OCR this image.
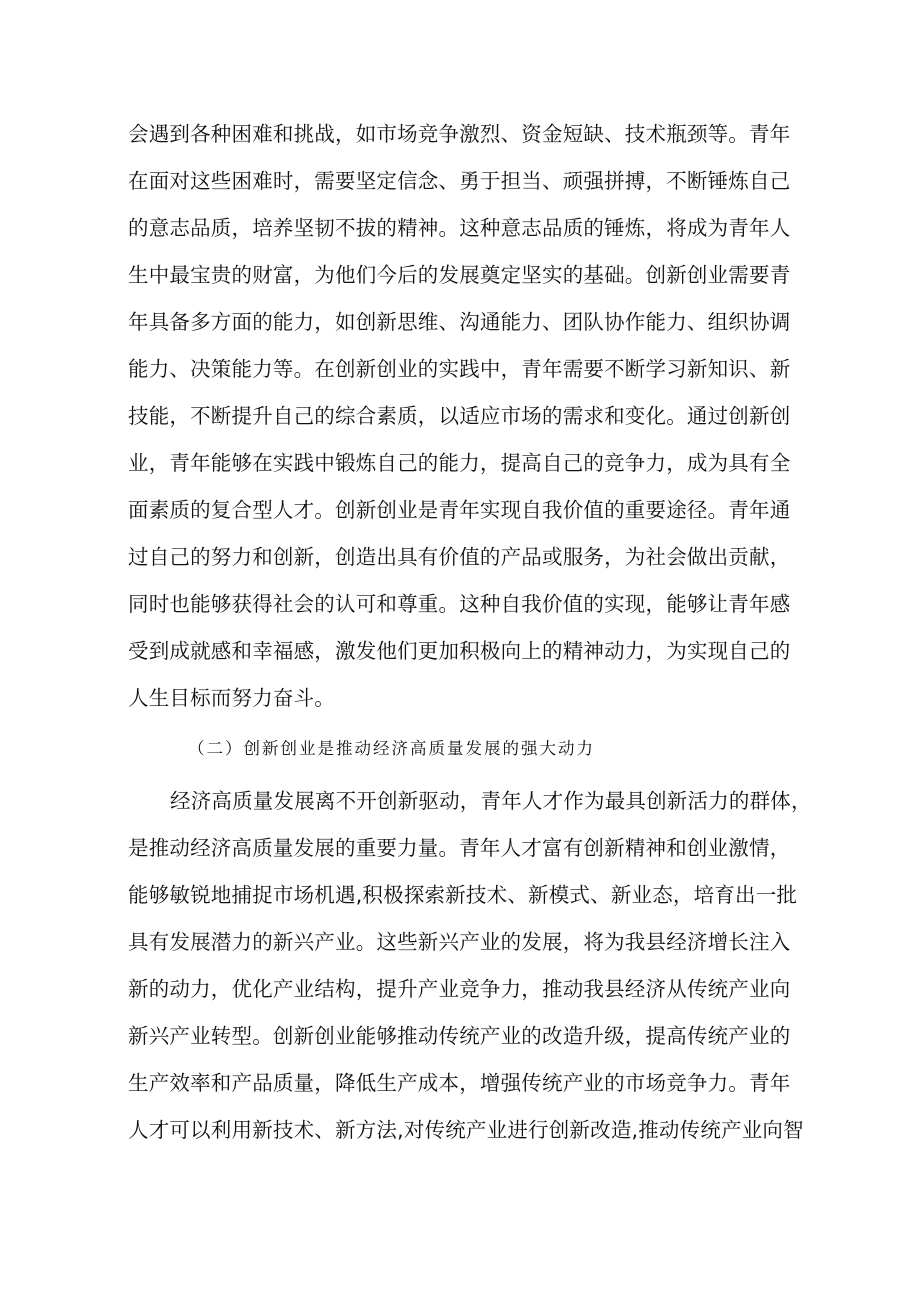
会遇到各种困难和挑战，如市场竞争激烈、资金短缺、技术瓶颈等。青年
在面对这些困难时，需要坚定信念、勇于担当、顽强拼搏，不断锤炼自己
的意志品质，培养坚韧不拔的精神。这种意志品质的锤炼，将成为青年人
生中最宝贵的财富，为他们今后的发展奠定坚实的基础。创新创业需要青
年具备多方面的能力，如创新思维、沟通能力、团队协作能力、组织协调
能力、决策能力等。在创新创业的实践中，青年需要不断学习新知识、新
技能，不断提升自己的综合素质，以适应市场的需求和变化。通过创新创
业，青年能够在实践中锻炼自己的能力，提高自己的竞争力，成为具有全
面素质的复合型人才。创新创业是青年实现自我价值的重要途径。青年通
过自己的努力和创新，创造出具有价值的产品或服务，为社会做出贡献，
同时也能够获得社会的认可和尊重。这种自我价值的实现，能够让青年感
受到成就感和幸福感，激发他们更加积极向上的精神动力，为实现自己的
人生目标而努力奋斗。
（二）创新创业是推动经济高质量发展的强大动力
经济高质量发展离不开创新驱动，青年人才作为最具创新活力的群体，
是推动经济高质量发展的重要力量。青年人才富有创新精神和创业激情，
能够敏锐地捕捉市场机遇,积极探索新技术、新模式、新业态，培育出一批
具有发展潜力的新兴产业。这些新兴产业的发展，将为我县经济增长注入
新的动力，优化产业结构，提升产业竞争力，推动我县经济从传统产业向
新兴产业转型。创新创业能够推动传统产业的改造升级，提高传统产业的
生产效率和产品质量，降低生产成本，增强传统产业的市场竞争力。青年
人才可以利用新技术、新方法,对传统产业进行创新改造,推动传统产业向智
